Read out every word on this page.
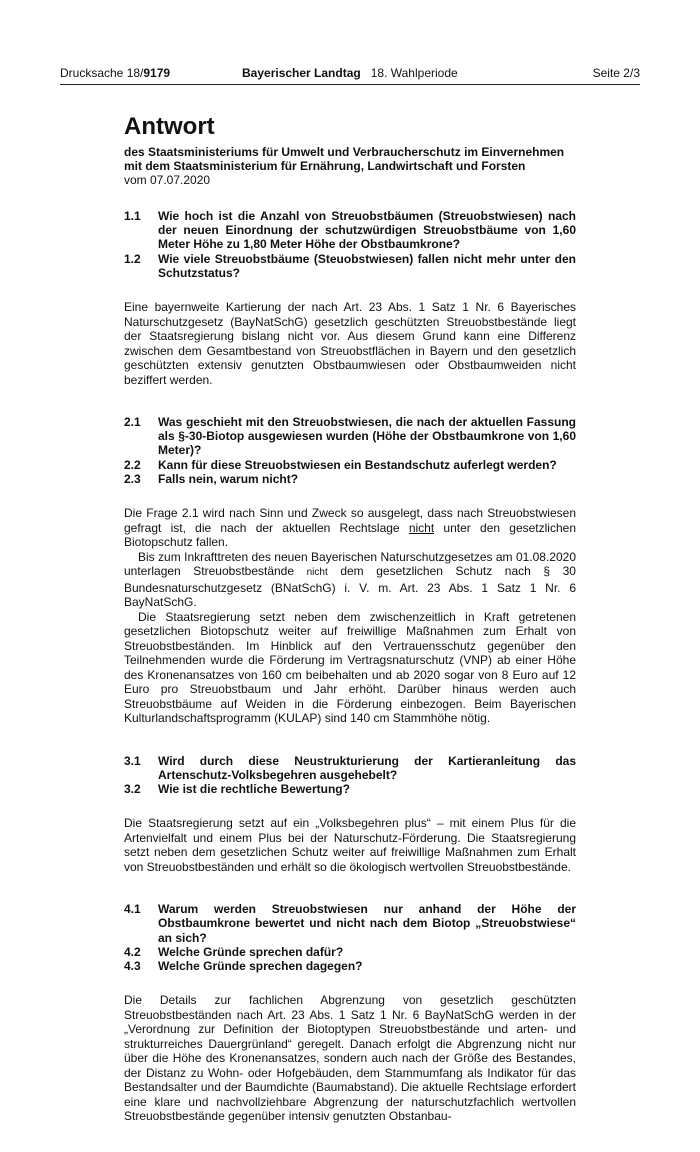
Drucksache 18/9179	Bayerischer Landtag 18. Wahlperiode	Seite 2/3
Antwort
des Staatsministeriums für Umwelt und Verbraucherschutz im Einvernehmen
mit dem Staatsministerium für Ernährung, Landwirtschaft und Forsten
vom 07.07.2020
1.1	Wie hoch ist die Anzahl von Streuobstbäumen (Streuobstwiesen) nach der neuen Einordnung der schutzwürdigen Streuobstbäume von 1,60 Meter Höhe zu 1,80 Meter Höhe der Obstbaumkrone?
1.2	Wie viele Streuobstbäume (Steuobstwiesen) fallen nicht mehr unter den Schutzstatus?

Eine bayernweite Kartierung der nach Art. 23 Abs. 1 Satz 1 Nr. 6 Bayerisches Naturschutzgesetz (BayNatSchG) gesetzlich geschützten Streuobstbestände liegt der Staatsregierung bislang nicht vor. Aus diesem Grund kann eine Differenz zwischen dem Gesamtbestand von Streuobstflächen in Bayern und den gesetzlich geschützten extensiv genutzten Obstbaumwiesen oder Obstbaumweiden nicht beziffert werden.

2.1	Was geschieht mit den Streuobstwiesen, die nach der aktuellen Fassung als §-30-Biotop ausgewiesen wurden (Höhe der Obstbaumkrone von 1,60 Meter)?
2.2	Kann für diese Streuobstwiesen ein Bestandschutz auferlegt werden?
2.3	Falls nein, warum nicht?

Die Frage 2.1 wird nach Sinn und Zweck so ausgelegt, dass nach Streuobstwiesen gefragt ist, die nach der aktuellen Rechtslage nicht unter den gesetzlichen Biotopschutz fallen.

Bis zum Inkrafttreten des neuen Bayerischen Naturschutzgesetzes am 01.08.2020 unterlagen Streuobstbestände nicht dem gesetzlichen Schutz nach § 30 Bundesnaturschutzgesetz (BNatSchG) i. V. m. Art. 23 Abs. 1 Satz 1 Nr. 6 BayNatSchG.

Die Staatsregierung setzt neben dem zwischenzeitlich in Kraft getretenen gesetzlichen Biotopschutz weiter auf freiwillige Maßnahmen zum Erhalt von Streuobstbeständen. Im Hinblick auf den Vertrauensschutz gegenüber den Teilnehmenden wurde die Förderung im Vertragsnaturschutz (VNP) ab einer Höhe des Kronenansatzes von 160 cm beibehalten und ab 2020 sogar von 8 Euro auf 12 Euro pro Streuobstbaum und Jahr erhöht. Darüber hinaus werden auch Streuobstbäume auf Weiden in die Förderung einbezogen. Beim Bayerischen Kulturlandschaftsprogramm (KULAP) sind 140 cm Stammhöhe nötig.

3.1	Wird durch diese Neustrukturierung der Kartieranleitung das Artenschutz-Volksbegehren ausgehebelt?
3.2	Wie ist die rechtliche Bewertung?

Die Staatsregierung setzt auf ein „Volksbegehren plus“ – mit einem Plus für die Artenvielfalt und einem Plus bei der Naturschutz-Förderung. Die Staatsregierung setzt neben dem gesetzlichen Schutz weiter auf freiwillige Maßnahmen zum Erhalt von Streuobstbeständen und erhält so die ökologisch wertvollen Streuobstbestände.

4.1	Warum werden Streuobstwiesen nur anhand der Höhe der Obstbaumkrone bewertet und nicht nach dem Biotop „Streuobstwiese“ an sich?
4.2	Welche Gründe sprechen dafür?
4.3	Welche Gründe sprechen dagegen?

Die Details zur fachlichen Abgrenzung von gesetzlich geschützten Streuobstbeständen nach Art. 23 Abs. 1 Satz 1 Nr. 6 BayNatSchG werden in der „Verordnung zur Definition der Biotoptypen Streuobstbestände und arten- und strukturreiches Dauergrünland“ geregelt. Danach erfolgt die Abgrenzung nicht nur über die Höhe des Kronenansatzes, sondern auch nach der Größe des Bestandes, der Distanz zu Wohn- oder Hofgebäuden, dem Stammumfang als Indikator für das Bestandsalter und der Baumdichte (Baumabstand). Die aktuelle Rechtslage erfordert eine klare und nachvollziehbare Abgrenzung der naturschutzfachlich wertvollen Streuobstbestände gegenüber intensiv genutzten Obstanbau-
